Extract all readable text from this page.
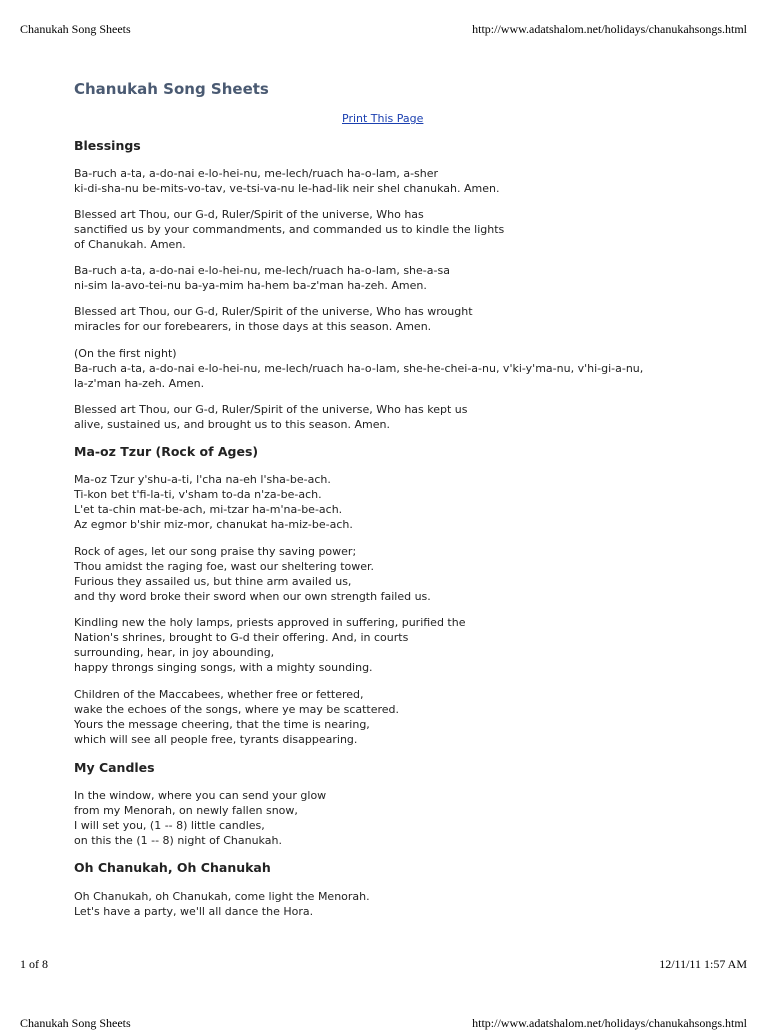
Chanukah Song Sheets	http://www.adatshalom.net/holidays/chanukahsongs.html
Chanukah Song Sheets
Print This Page
Blessings
Ba-ruch a-ta, a-do-nai e-lo-hei-nu, me-lech/ruach ha-o-lam, a-sher
ki-di-sha-nu be-mits-vo-tav, ve-tsi-va-nu le-had-lik neir shel chanukah. Amen.
Blessed art Thou, our G-d, Ruler/Spirit of the universe, Who has
sanctified us by your commandments, and commanded us to kindle the lights
of Chanukah. Amen.
Ba-ruch a-ta, a-do-nai e-lo-hei-nu, me-lech/ruach ha-o-lam, she-a-sa
ni-sim la-avo-tei-nu ba-ya-mim ha-hem ba-z'man ha-zeh. Amen.
Blessed art Thou, our G-d, Ruler/Spirit of the universe, Who has wrought
miracles for our forebearers, in those days at this season. Amen.
(On the first night)
Ba-ruch a-ta, a-do-nai e-lo-hei-nu, me-lech/ruach ha-o-lam, she-he-chei-a-nu, v'ki-y'ma-nu, v'hi-gi-a-nu,
la-z'man ha-zeh. Amen.
Blessed art Thou, our G-d, Ruler/Spirit of the universe, Who has kept us
alive, sustained us, and brought us to this season. Amen.
Ma-oz Tzur (Rock of Ages)
Ma-oz Tzur y'shu-a-ti, l'cha na-eh l'sha-be-ach.
Ti-kon bet t'fi-la-ti, v'sham to-da n'za-be-ach.
L'et ta-chin mat-be-ach, mi-tzar ha-m'na-be-ach.
Az egmor b'shir miz-mor, chanukat ha-miz-be-ach.
Rock of ages, let our song praise thy saving power;
Thou amidst the raging foe, wast our sheltering tower.
Furious they assailed us, but thine arm availed us,
and thy word broke their sword when our own strength failed us.
Kindling new the holy lamps, priests approved in suffering, purified the
Nation's shrines, brought to G-d their offering. And, in courts
surrounding, hear, in joy abounding,
happy throngs singing songs, with a mighty sounding.
Children of the Maccabees, whether free or fettered,
wake the echoes of the songs, where ye may be scattered.
Yours the message cheering, that the time is nearing,
which will see all people free, tyrants disappearing.
My Candles
In the window, where you can send your glow
from my Menorah, on newly fallen snow,
I will set you, (1 -- 8) little candles,
on this the (1 -- 8) night of Chanukah.
Oh Chanukah, Oh Chanukah
Oh Chanukah, oh Chanukah, come light the Menorah.
Let's have a party, we'll all dance the Hora.
1 of 8	12/11/11 1:57 AM
Chanukah Song Sheets	http://www.adatshalom.net/holidays/chanukahsongs.html
